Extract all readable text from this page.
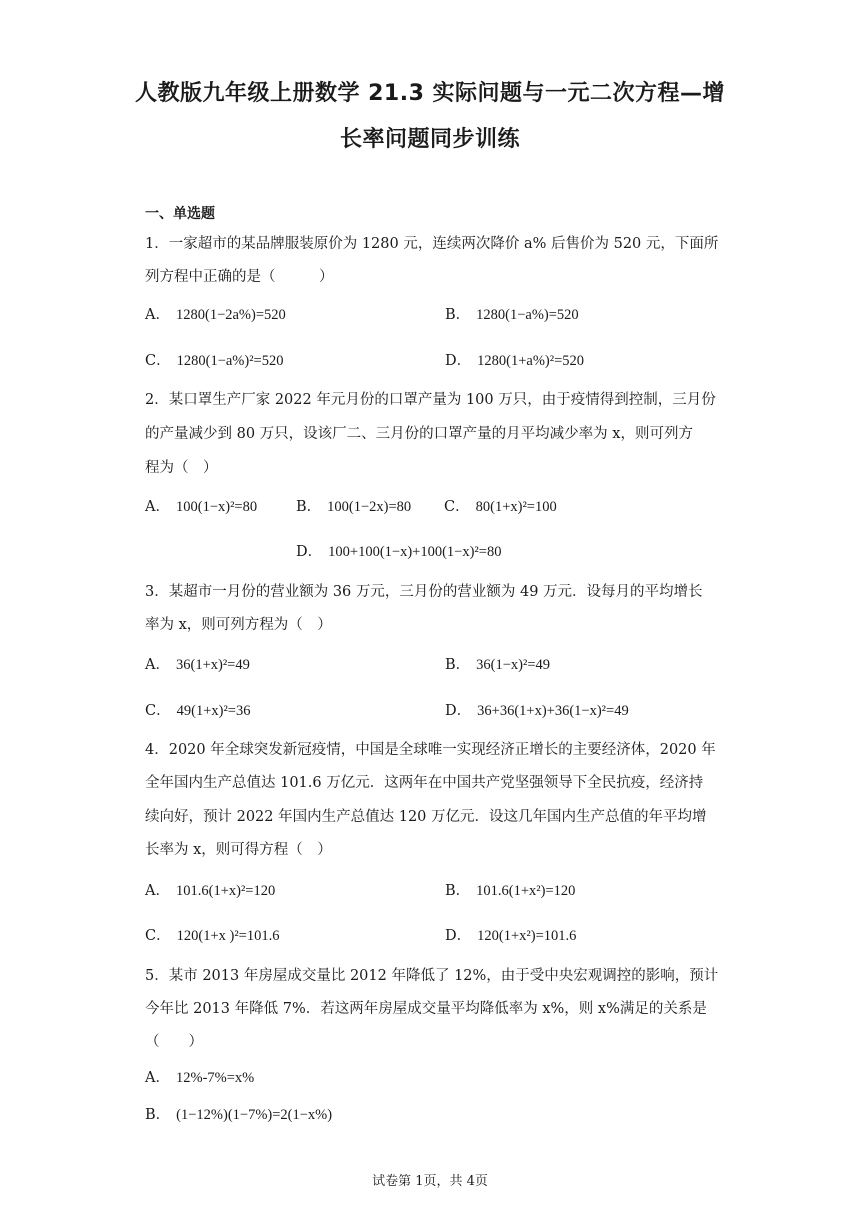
人教版九年级上册数学 21.3 实际问题与一元二次方程—增
长率问题同步训练
一、单选题
1．一家超市的某品牌服装原价为 1280 元，连续两次降价 a% 后售价为 520 元，下面所
列方程中正确的是（　　　）
A． 1280(1−2a%)=520	B． 1280(1−a%)=520
C． 1280(1−a%)²=520	D． 1280(1+a%)²=520
2．某口罩生产厂家 2022 年元月份的口罩产量为 100 万只，由于疫情得到控制，三月份
的产量减少到 80 万只，设该厂二、三月份的口罩产量的月平均减少率为 x，则可列方
程为（　）
A． 100(1−x)²=80	B． 100(1−2x)=80 C． 80(1+x)²=100
D． 100+100(1−x)+100(1−x)²=80
3．某超市一月份的营业额为 36 万元，三月份的营业额为 49 万元．设每月的平均增长
率为 x，则可列方程为（　）
A． 36(1+x)²=49	B． 36(1−x)²=49
C． 49(1+x)²=36	D． 36+36(1+x)+36(1−x)²=49
4．2020 年全球突发新冠疫情，中国是全球唯一实现经济正增长的主要经济体，2020 年
全年国内生产总值达 101.6 万亿元．这两年在中国共产党坚强领导下全民抗疫，经济持
续向好，预计 2022 年国内生产总值达 120 万亿元．设这几年国内生产总值的年平均增
长率为 x，则可得方程（　）
A． 101.6(1+x)²=120	B． 101.6(1+x²)=120
C． 120(1+x )²=101.6	D． 120(1+x²)=101.6
5．某市 2013 年房屋成交量比 2012 年降低了 12%，由于受中央宏观调控的影响，预计
今年比 2013 年降低 7%．若这两年房屋成交量平均降低率为 x%，则 x%满足的关系是
（　　）
A． 12%-7%=x%
B． (1−12%)(1−7%)=2(1−x%)
试卷第 1页，共 4页
